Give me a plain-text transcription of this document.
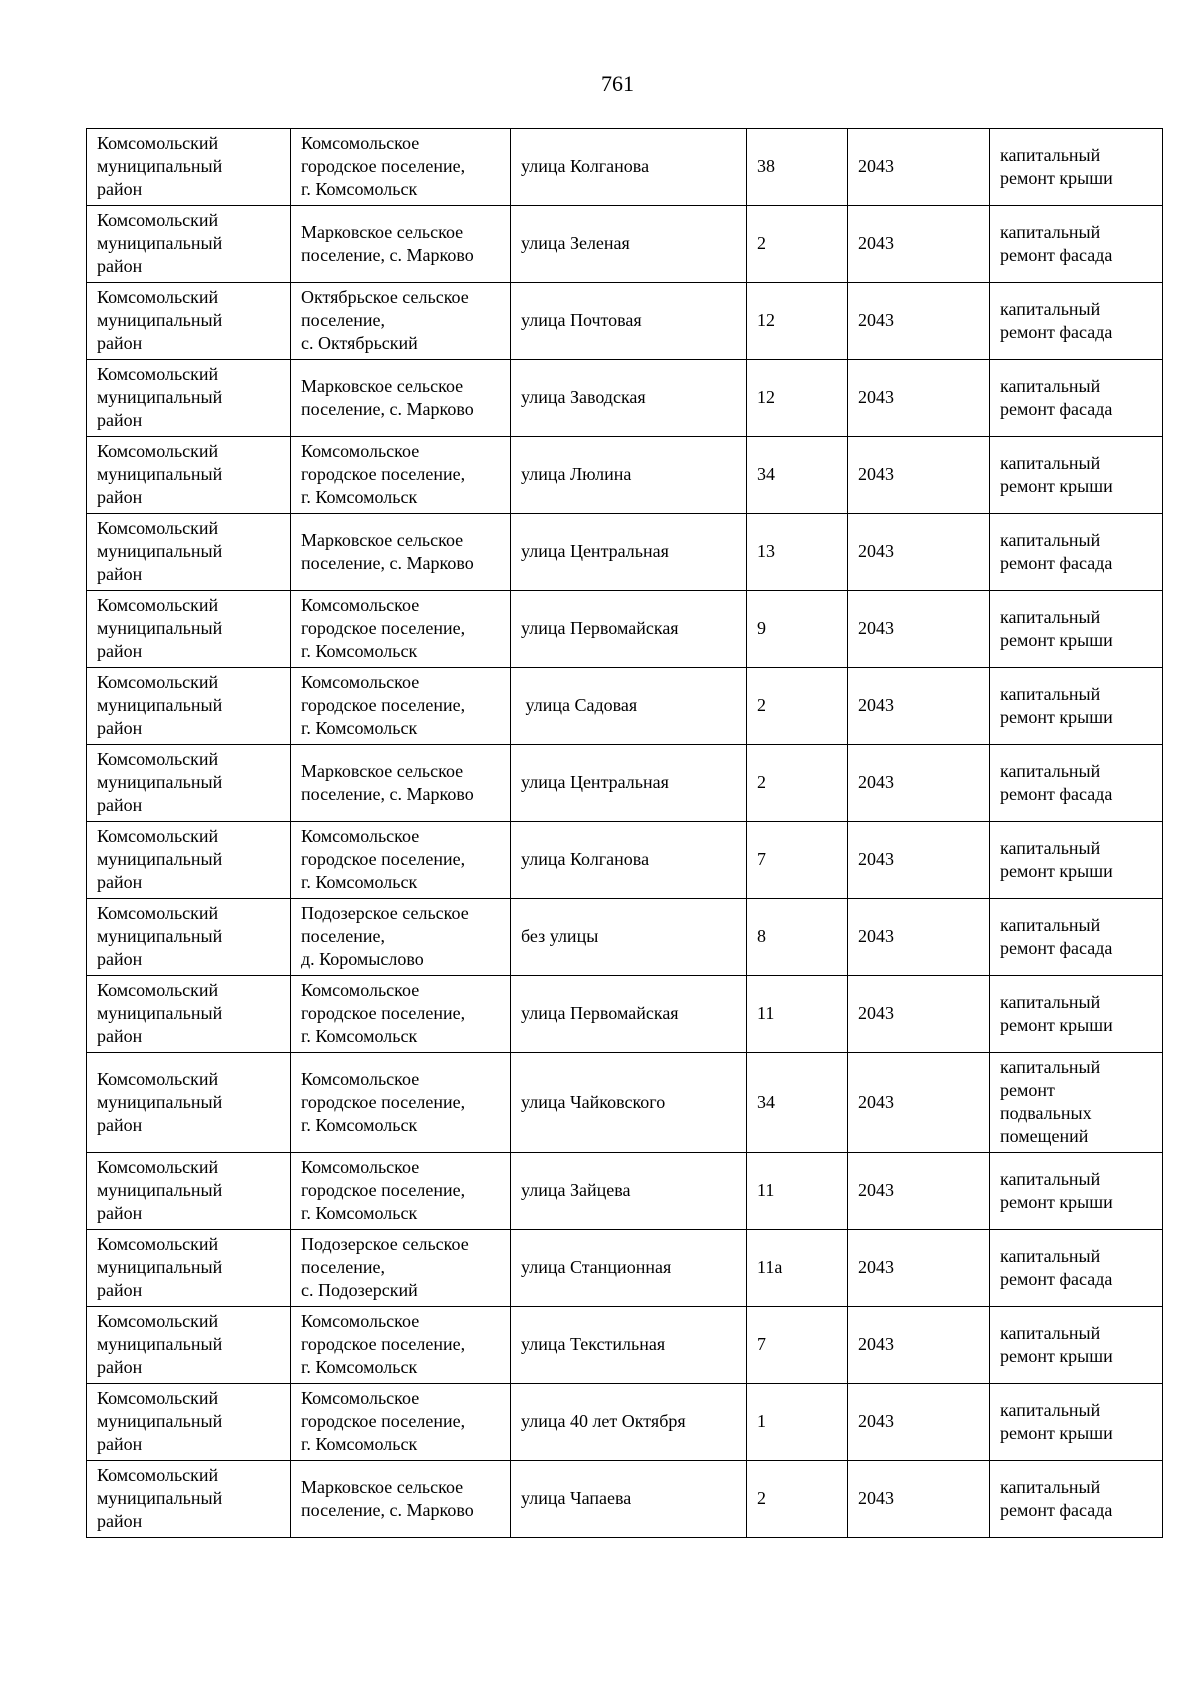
761
Комсомольский
муниципальный
район	Комсомольское
городское поселение,
г. Комсомольск	улица Колганова	38	2043	капитальный
ремонт крыши

Комсомольский
муниципальный
район	Марковское сельское
поселение, с. Марково	улица Зеленая	2	2043	капитальный
ремонт фасада

Комсомольский
муниципальный
район	Октябрьское сельское
поселение,
с. Октябрьский	улица Почтовая	12	2043	капитальный
ремонт фасада

Комсомольский
муниципальный
район	Марковское сельское
поселение, с. Марково	улица Заводская	12	2043	капитальный
ремонт фасада

Комсомольский
муниципальный
район	Комсомольское
городское поселение,
г. Комсомольск	улица Люлина	34	2043	капитальный
ремонт крыши

Комсомольский
муниципальный
район	Марковское сельское
поселение, с. Марково	улица Центральная	13	2043	капитальный
ремонт фасада

Комсомольский
муниципальный
район	Комсомольское
городское поселение,
г. Комсомольск	улица Первомайская	9	2043	капитальный
ремонт крыши

Комсомольский
муниципальный
район	Комсомольское
городское поселение,
г. Комсомольск	улица Садовая	2	2043	капитальный
ремонт крыши

Комсомольский
муниципальный
район	Марковское сельское
поселение, с. Марково	улица Центральная	2	2043	капитальный
ремонт фасада

Комсомольский
муниципальный
район	Комсомольское
городское поселение,
г. Комсомольск	улица Колганова	7	2043	капитальный
ремонт крыши

Комсомольский
муниципальный
район	Подозерское сельское
поселение,
д. Коромыслово	без улицы	8	2043	капитальный
ремонт фасада

Комсомольский
муниципальный
район	Комсомольское
городское поселение,
г. Комсомольск	улица Первомайская	11	2043	капитальный
ремонт крыши

Комсомольский
муниципальный
район	Комсомольское
городское поселение,
г. Комсомольск	улица Чайковского	34	2043	капитальный
ремонт
подвальных
помещений

Комсомольский
муниципальный
район	Комсомольское
городское поселение,
г. Комсомольск	улица Зайцева	11	2043	капитальный
ремонт крыши

Комсомольский
муниципальный
район	Подозерское сельское
поселение,
с. Подозерский	улица Станционная	11а	2043	капитальный
ремонт фасада

Комсомольский
муниципальный
район	Комсомольское
городское поселение,
г. Комсомольск	улица Текстильная	7	2043	капитальный
ремонт крыши

Комсомольский
муниципальный
район	Комсомольское
городское поселение,
г. Комсомольск	улица 40 лет Октября	1	2043	капитальный
ремонт крыши

Комсомольский
муниципальный
район	Марковское сельское
поселение, с. Марково	улица Чапаева	2	2043	капитальный
ремонт фасада
